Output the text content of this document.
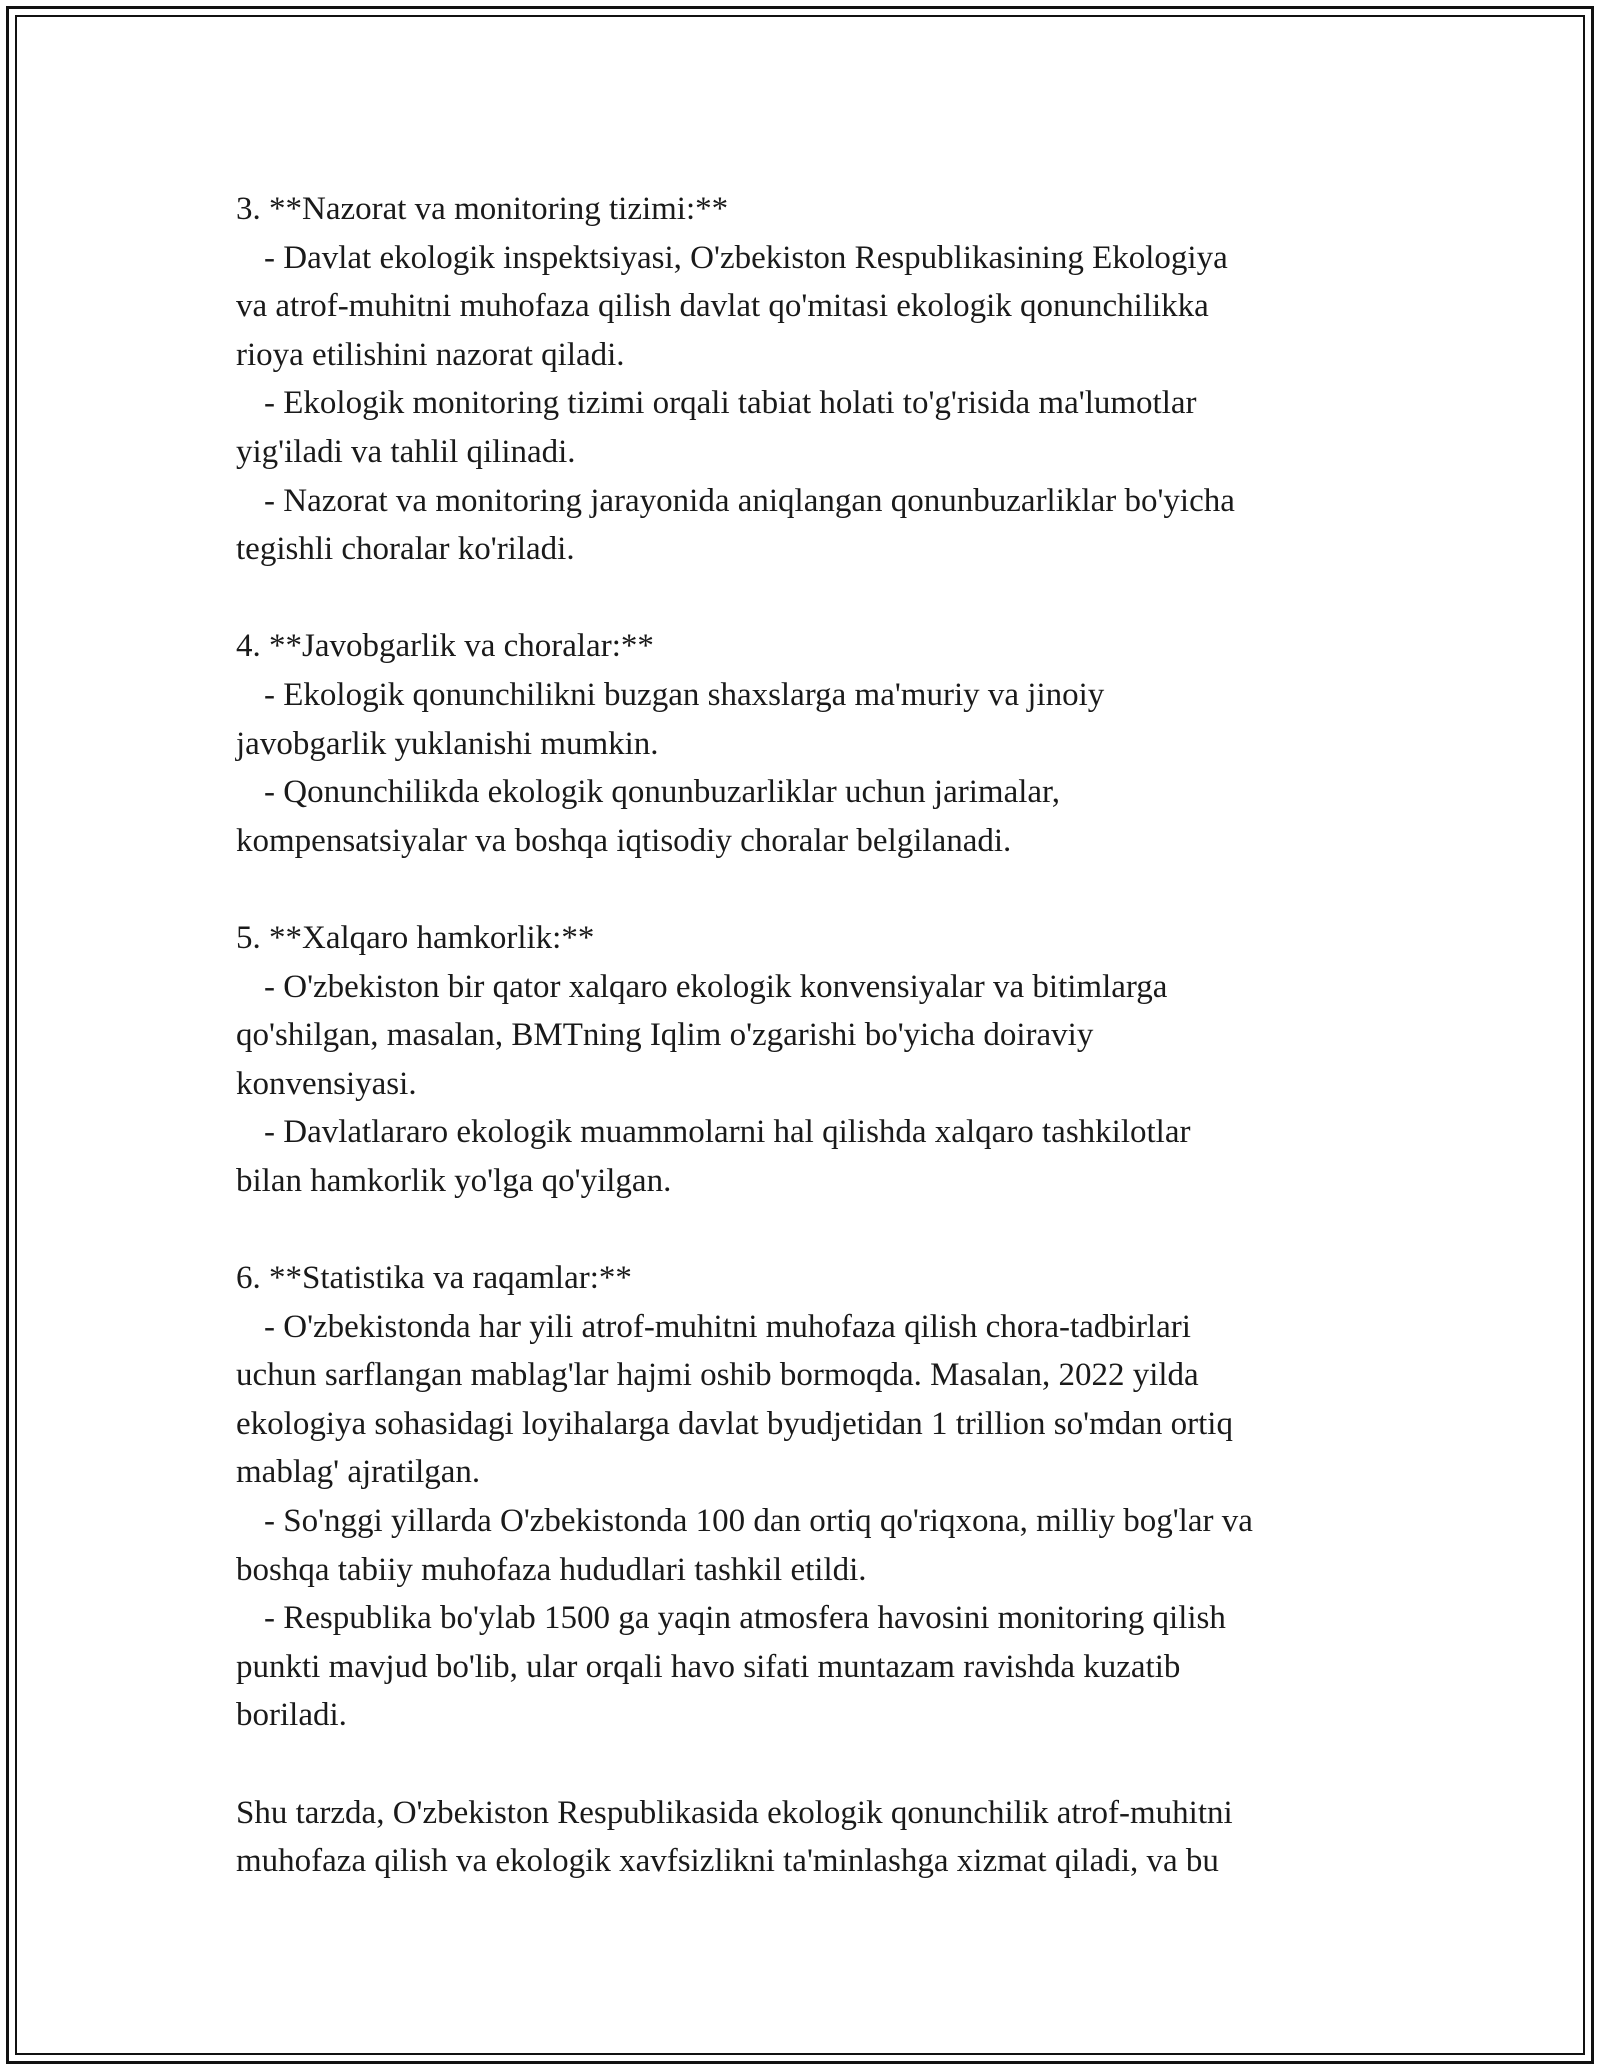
3. **Nazorat va monitoring tizimi:**
- Davlat ekologik inspektsiyasi, O'zbekiston Respublikasining Ekologiya
va atrof-muhitni muhofaza qilish davlat qo'mitasi ekologik qonunchilikka
rioya etilishini nazorat qiladi.
- Ekologik monitoring tizimi orqali tabiat holati to'g'risida ma'lumotlar
yig'iladi va tahlil qilinadi.
- Nazorat va monitoring jarayonida aniqlangan qonunbuzarliklar bo'yicha
tegishli choralar ko'riladi.
4. **Javobgarlik va choralar:**
- Ekologik qonunchilikni buzgan shaxslarga ma'muriy va jinoiy
javobgarlik yuklanishi mumkin.
- Qonunchilikda ekologik qonunbuzarliklar uchun jarimalar,
kompensatsiyalar va boshqa iqtisodiy choralar belgilanadi.
5. **Xalqaro hamkorlik:**
- O'zbekiston bir qator xalqaro ekologik konvensiyalar va bitimlarga
qo'shilgan, masalan, BMTning Iqlim o'zgarishi bo'yicha doiraviy
konvensiyasi.
- Davlatlararo ekologik muammolarni hal qilishda xalqaro tashkilotlar
bilan hamkorlik yo'lga qo'yilgan.
6. **Statistika va raqamlar:**
- O'zbekistonda har yili atrof-muhitni muhofaza qilish chora-tadbirlari
uchun sarflangan mablag'lar hajmi oshib bormoqda. Masalan, 2022 yilda
ekologiya sohasidagi loyihalarga davlat byudjetidan 1 trillion so'mdan ortiq
mablag' ajratilgan.
- So'nggi yillarda O'zbekistonda 100 dan ortiq qo'riqxona, milliy bog'lar va
boshqa tabiiy muhofaza hududlari tashkil etildi.
- Respublika bo'ylab 1500 ga yaqin atmosfera havosini monitoring qilish
punkti mavjud bo'lib, ular orqali havo sifati muntazam ravishda kuzatib
boriladi.
Shu tarzda, O'zbekiston Respublikasida ekologik qonunchilik atrof-muhitni
muhofaza qilish va ekologik xavfsizlikni ta'minlashga xizmat qiladi, va bu
